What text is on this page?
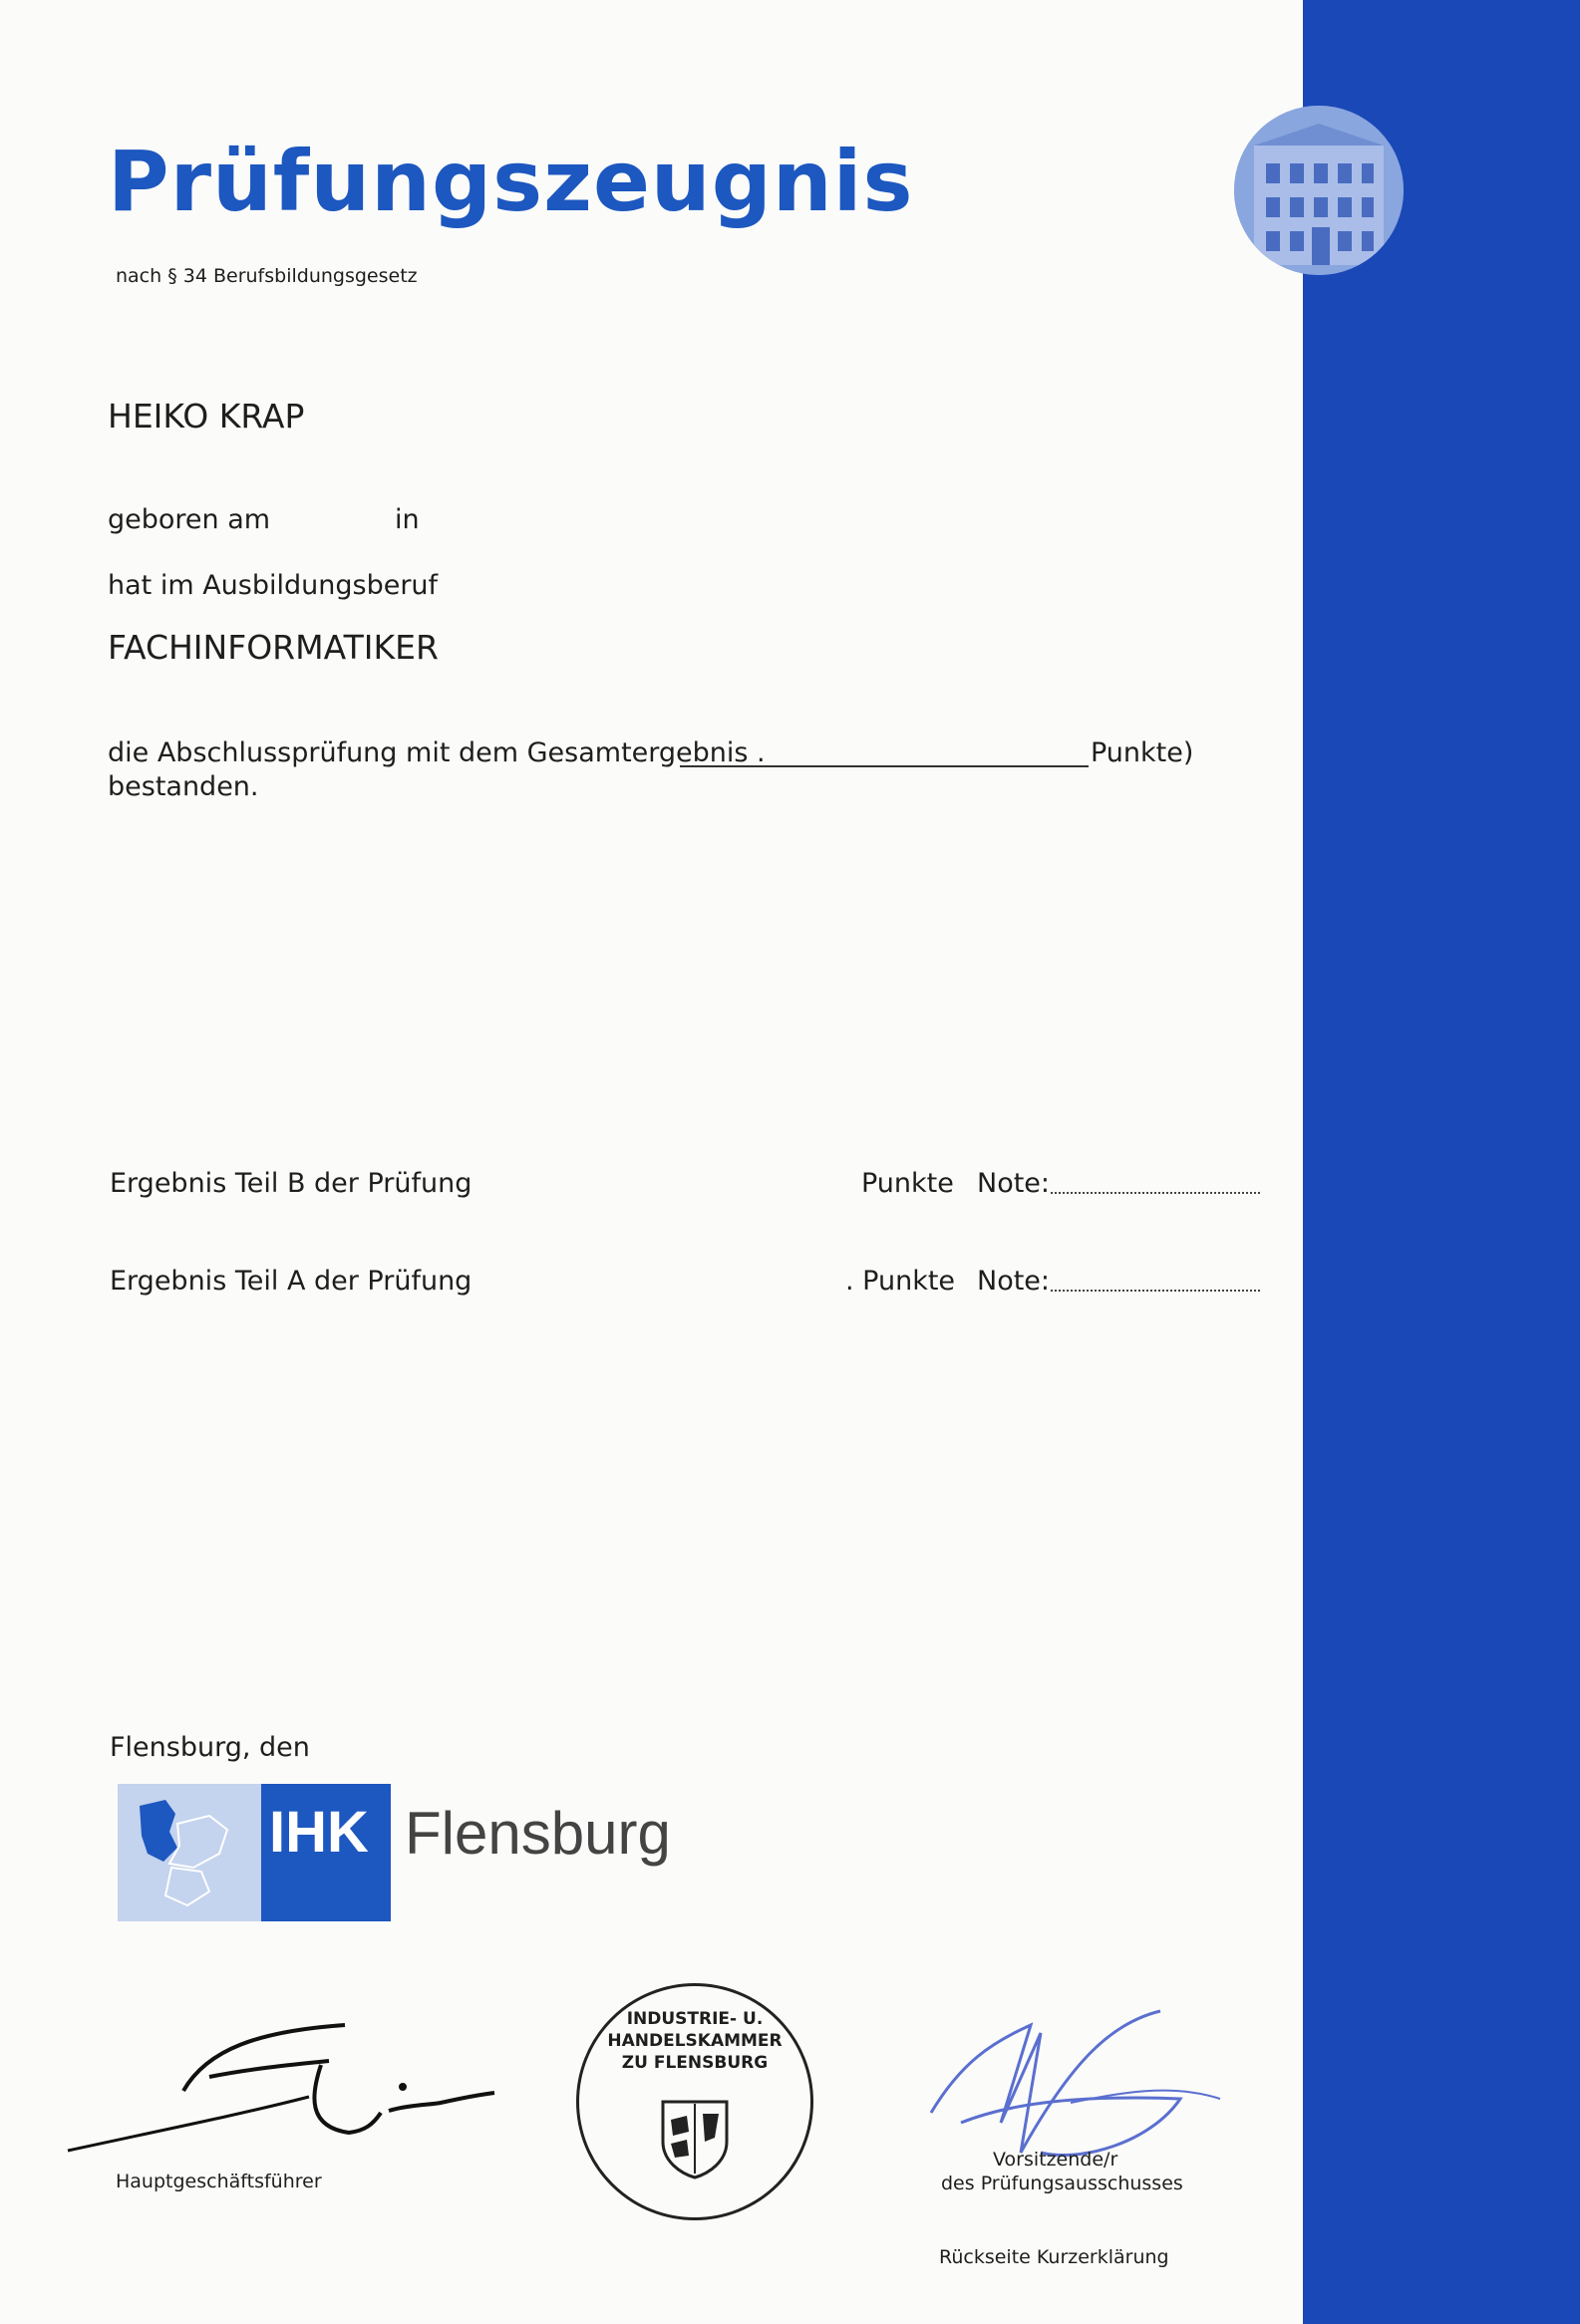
Prüfungszeugnis
nach § 34 Berufsbildungsgesetz
HEIKO KRAP
geboren am	in
hat im Ausbildungsberuf
FACHINFORMATIKER
die Abschlussprüfung mit dem Gesamtergebnis .	Punkte)
bestanden.
Ergebnis Teil B der Prüfung	Punkte Note:
Ergebnis Teil A der Prüfung	. Punkte Note:
Flensburg, den
IHK Flensburg
Hauptgeschäftsführer
INDUSTRIE- U.
HANDELSKAMMER
ZU FLENSBURG
Vorsitzende/r
des Prüfungsausschusses
Rückseite Kurzerklärung
